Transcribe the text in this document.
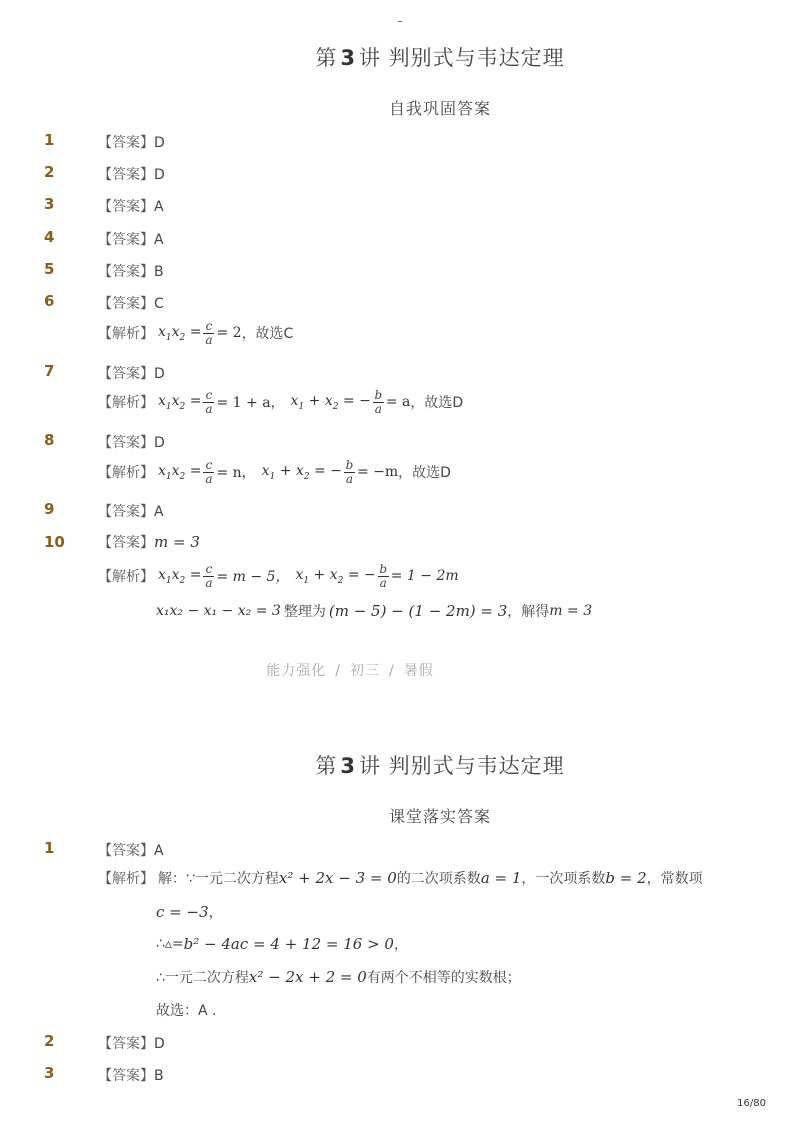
-
第 3 讲 判别式与韦达定理
自我巩固答案
1	【答案】D
2	【答案】D
3	【答案】A
4	【答案】A
5	【答案】B
6	【答案】C
【解析】 $x_1x_2 = \frac{c}{a} = 2$ ，故选C
7	【答案】D
【解析】 $x_1x_2 = \frac{c}{a} = 1 + a$， $x_1 + x_2$ = − $\frac{b}{a} = a$ ，故选D
8	【答案】D
【解析】 $x_1x_2 = \frac{c}{a} = n$， $x_1 + x_2$ = − $\frac{b}{a} = -m$ ，故选D
9	【答案】A
10	【答案】m = 3
【解析】 $x_1x_2 = \frac{c}{a} = m - 5$， $x_1 + x_2$ = − $\frac{b}{a} = 1 - 2m$
x₁x₂ − x₁ − x₂ = 3 整理为 (m − 5) − (1 − 2m) = 3 ，解得 m = 3
能力强化 / 初三 / 暑假
第 3 讲 判别式与韦达定理
课堂落实答案
1	【答案】A
【解析】 解：∵一元二次方程 x² + 2x − 3 = 0 的二次项系数 a = 1 ，一次项系数 b = 2 ，常数项
c = −3 ，
∴▵= b² − 4ac = 4 + 12 = 16 > 0 ，
∴一元二次方程 x² − 2x + 2 = 0 有两个不相等的实数根；
故选：A .
2	【答案】D
3	【答案】B
16/80
